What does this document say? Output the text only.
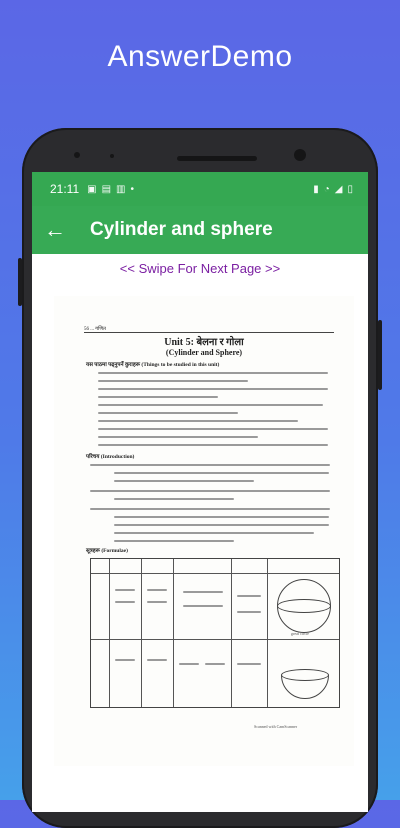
AnswerDemo
21:11 ▣ ▤ ▥ •	▮ ◔ ◢ ▯
←	Cylinder and sphere
<< Swipe For Next Page >>
56 ... गणित
Unit 5: बेलना र गोला
(Cylinder and Sphere)
यस पाठमा पढ्नुपर्ने कुराहरू (Things to be studied in this unit)
परिचय (Introduction)
सूत्रहरू (Formulae)
great circle
Scanned with CamScanner
